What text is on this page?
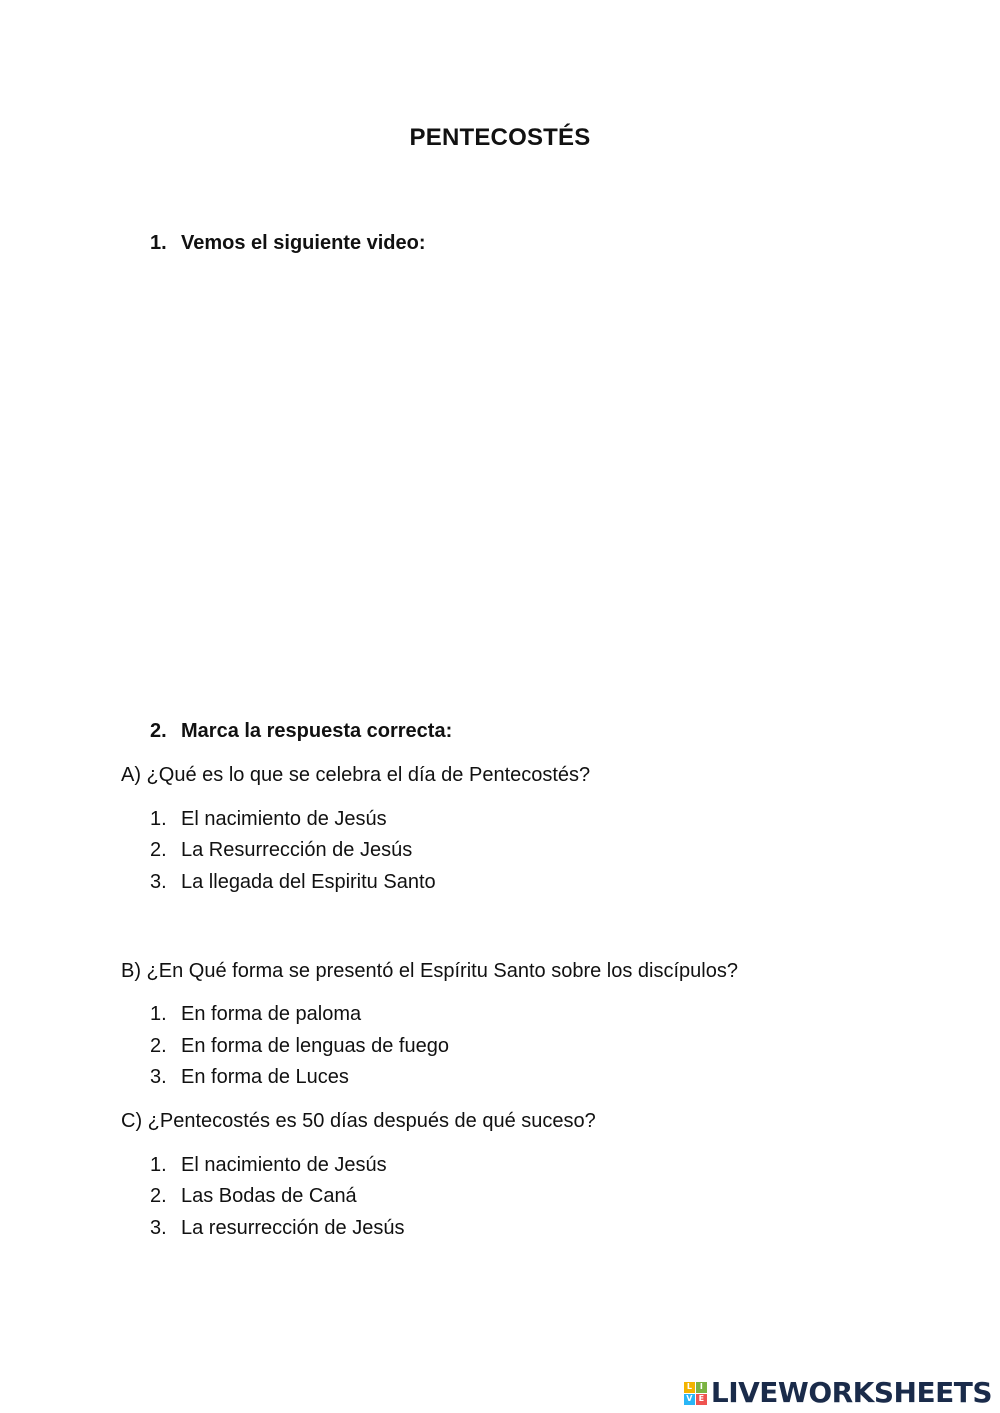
PENTECOSTÉS
1. Vemos el siguiente video:
2. Marca la respuesta correcta:
A) ¿Qué es lo que se celebra el día de Pentecostés?
1. El nacimiento de Jesús
2. La Resurrección de Jesús
3. La llegada del Espiritu Santo
B) ¿En Qué forma se presentó el Espíritu Santo sobre los discípulos?
1. En forma de paloma
2. En forma de lenguas de fuego
3. En forma de Luces
C) ¿Pentecostés es 50 días después de qué suceso?
1. El nacimiento de Jesús
2. Las Bodas de Caná
3. La resurrección de Jesús
L I
V E LIVEWORKSHEETS
